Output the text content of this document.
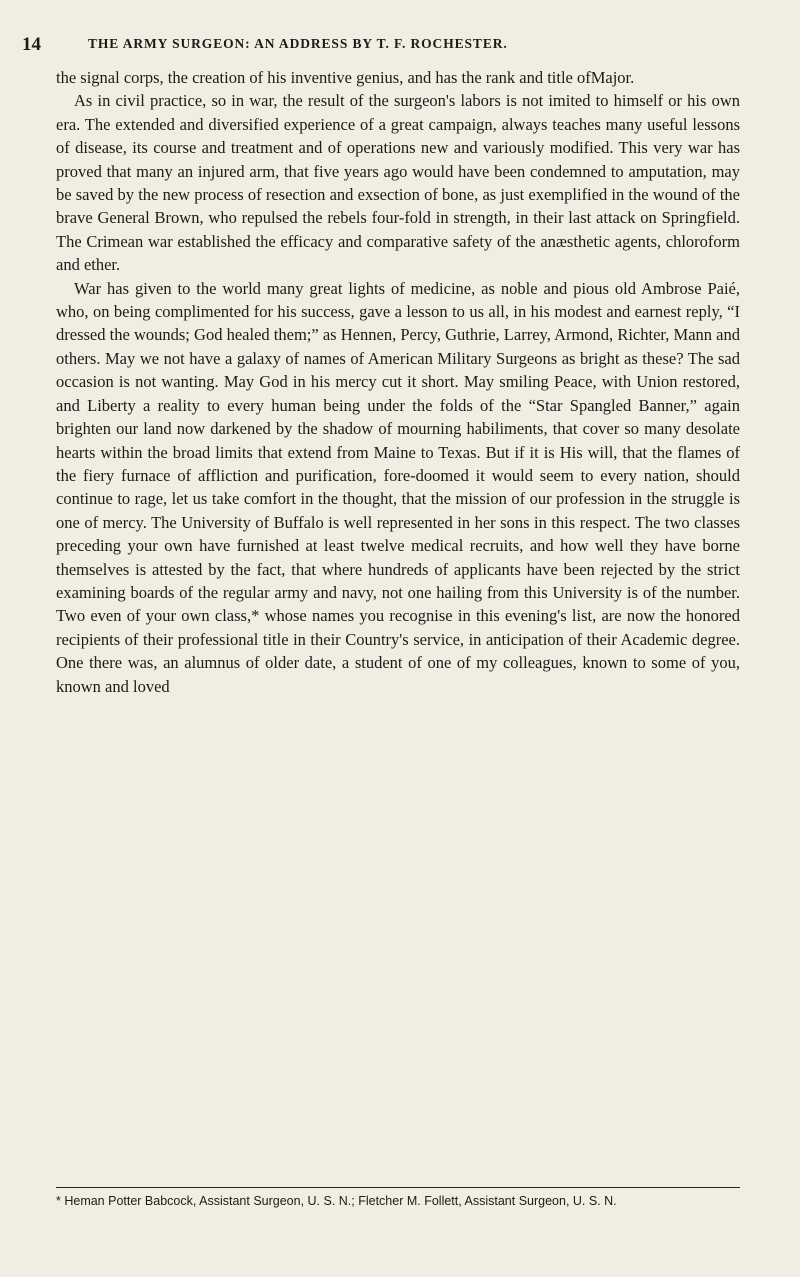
14	THE ARMY SURGEON: AN ADDRESS BY T. F. ROCHESTER.

the signal corps, the creation of his inventive genius, and has the rank and title ofMajor.

As in civil practice, so in war, the result of the surgeon's labors is not imited to himself or his own era. The extended and diversified experience of a great campaign, always teaches many useful lessons of disease, its course and treatment and of operations new and variously modified. This very war has proved that many an injured arm, that five years ago would have been condemned to amputation, may be saved by the new process of resection and exsection of bone, as just exemplified in the wound of the brave General Brown, who repulsed the rebels four-fold in strength, in their last attack on Springfield. The Crimean war established the efficacy and comparative safety of the anæsthetic agents, chloroform and ether.

War has given to the world many great lights of medicine, as noble and pious old Ambrose Paié, who, on being complimented for his success, gave a lesson to us all, in his modest and earnest reply, “I dressed the wounds; God healed them;” as Hennen, Percy, Guthrie, Larrey, Armond, Richter, Mann and others. May we not have a galaxy of names of American Military Surgeons as bright as these? The sad occasion is not wanting. May God in his mercy cut it short. May smiling Peace, with Union restored, and Liberty a reality to every human being under the folds of the “Star Spangled Banner,” again brighten our land now darkened by the shadow of mourning habiliments, that cover so many desolate hearts within the broad limits that extend from Maine to Texas. But if it is His will, that the flames of the fiery furnace of affliction and purification, fore-doomed it would seem to every nation, should continue to rage, let us take comfort in the thought, that the mission of our profession in the struggle is one of mercy. The University of Buffalo is well represented in her sons in this respect. The two classes preceding your own have furnished at least twelve medical recruits, and how well they have borne themselves is attested by the fact, that where hundreds of applicants have been rejected by the strict examining boards of the regular army and navy, not one hailing from this University is of the number. Two even of your own class,* whose names you recognise in this evening's list, are now the honored recipients of their professional title in their Country's service, in anticipation of their Academic degree. One there was, an alumnus of older date, a student of one of my colleagues, known to some of you, known and loved

* Heman Potter Babcock, Assistant Surgeon, U. S. N.; Fletcher M. Follett, Assistant Surgeon, U. S. N.
